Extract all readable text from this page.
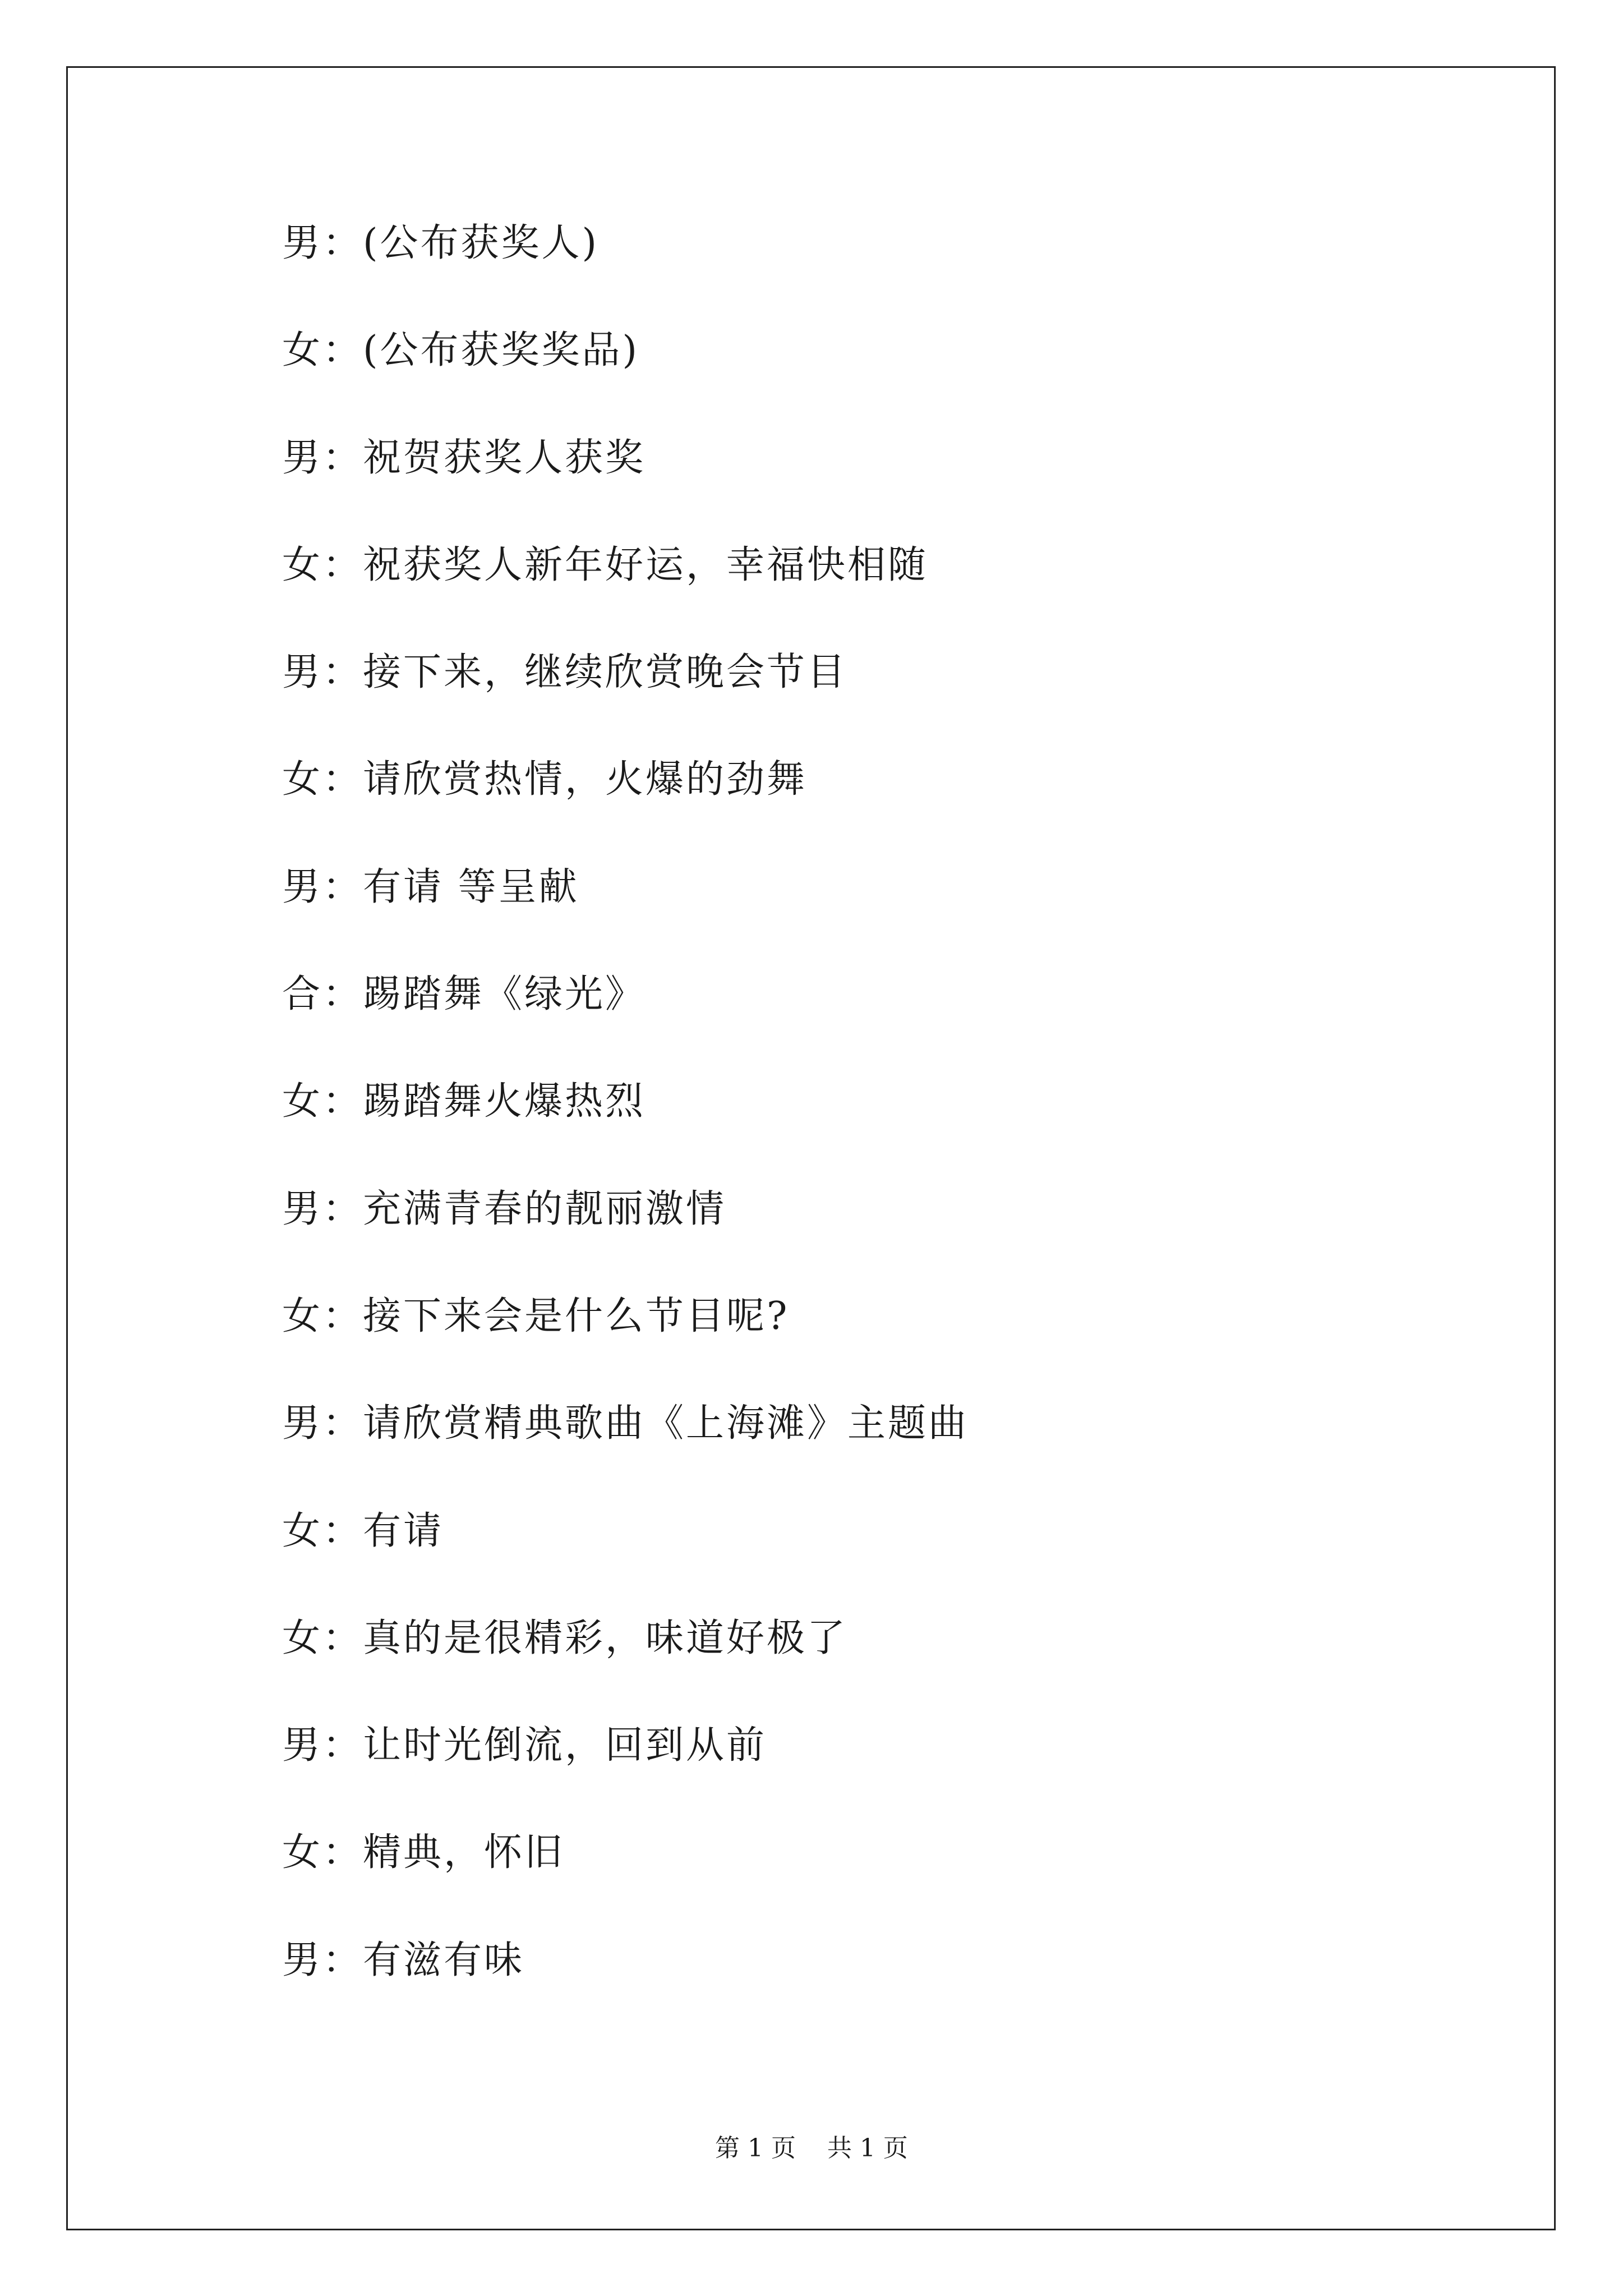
男：(公布获奖人)
女：(公布获奖奖品)
男：祝贺获奖人获奖
女：祝获奖人新年好运，幸福快相随
男：接下来，继续欣赏晚会节目
女：请欣赏热情，火爆的劲舞
男：有请 等呈献
合：踢踏舞《绿光》
女：踢踏舞火爆热烈
男：充满青春的靓丽激情
女：接下来会是什么节目呢?
男：请欣赏精典歌曲《上海滩》主题曲
女：有请
女：真的是很精彩，味道好极了
男：让时光倒流，回到从前
女：精典，怀旧
男：有滋有味
第 1 页    共 1 页
